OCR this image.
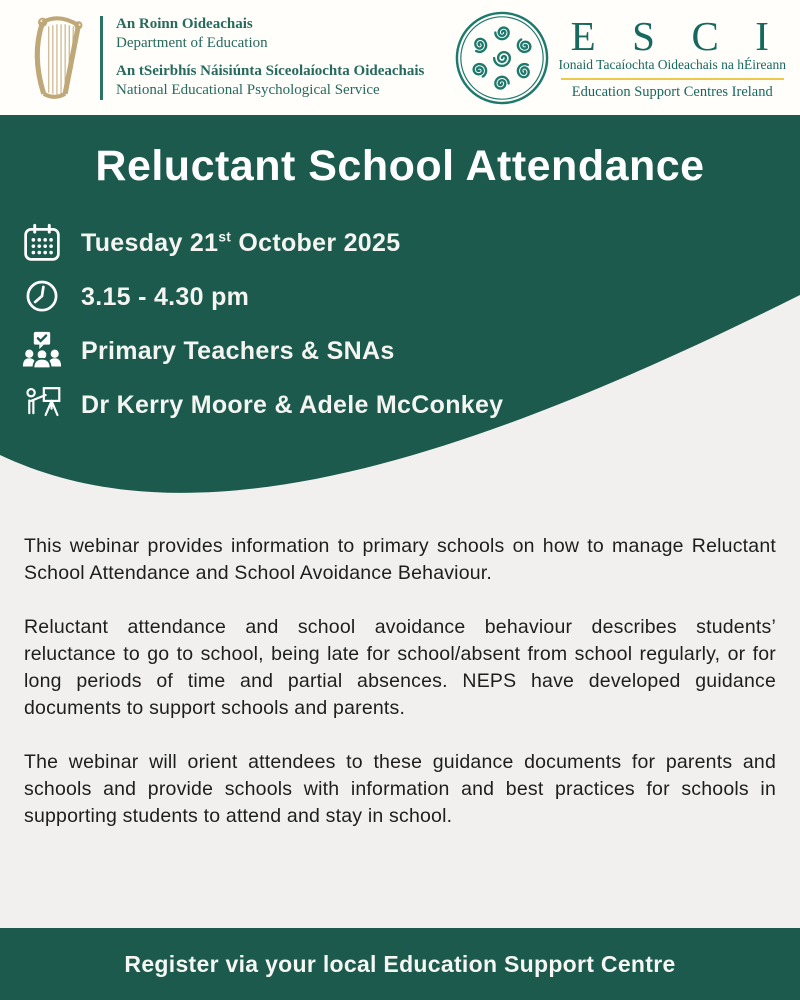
An Roinn Oideachais
Department of Education
An tSeirbhís Náisiúnta Síceolaíochta Oideachais
National Educational Psychological Service
E S C I
Ionaid Tacaíochta Oideachais na hÉireann
Education Support Centres Ireland
Reluctant School Attendance
Tuesday 21st October 2025
3.15 - 4.30 pm
Primary Teachers & SNAs
Dr Kerry Moore & Adele McConkey

This webinar provides information to primary schools on how to manage Reluctant School Attendance and School Avoidance Behaviour.

Reluctant attendance and school avoidance behaviour describes students’ reluctance to go to school, being late for school/absent from school regularly, or for long periods of time and partial absences. NEPS have developed guidance documents to support schools and parents.

The webinar will orient attendees to these guidance documents for parents and schools and provide schools with information and best practices for schools in supporting students to attend and stay in school.

Register via your local Education Support Centre
